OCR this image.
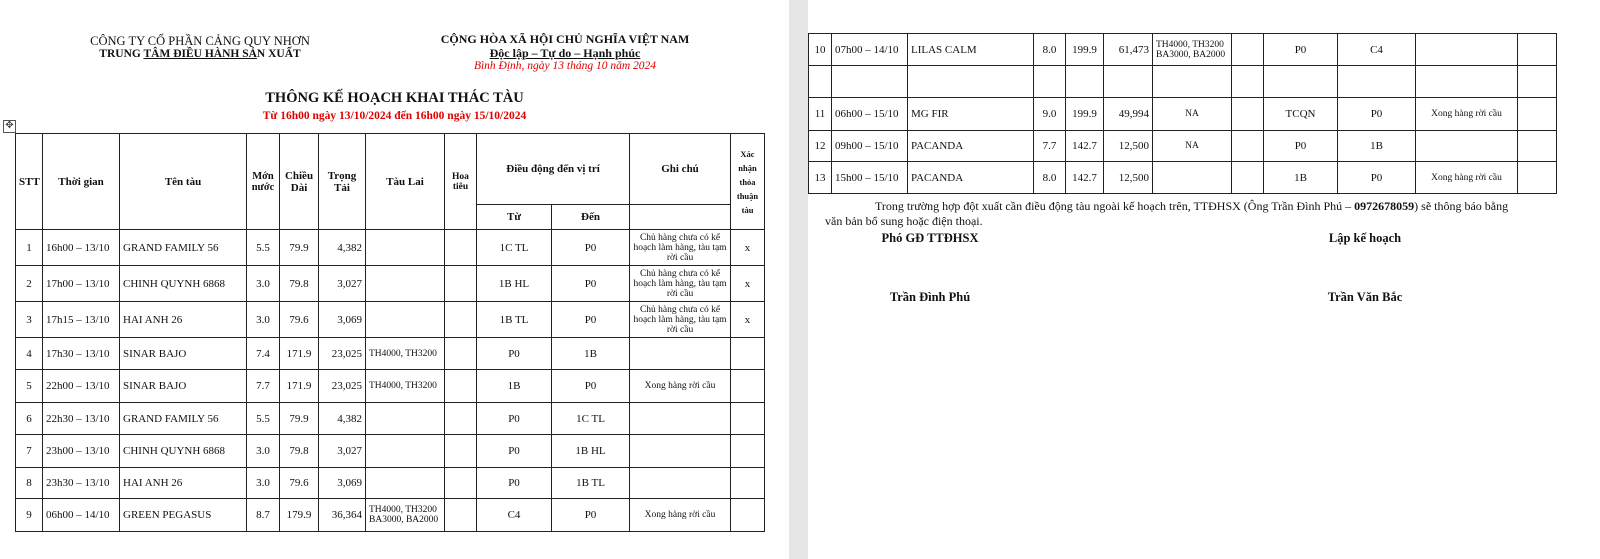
CÔNG TY CỔ PHẦN CẢNG QUY NHƠN
TRUNG TÂM ĐIỀU HÀNH SẢN XUẤT
CỘNG HÒA XÃ HỘI CHỦ NGHĨA VIỆT NAM
Độc lập – Tự do – Hạnh phúc
Bình Định, ngày 13 tháng 10 năm 2024
THÔNG KẾ HOẠCH KHAI THÁC TÀU
Từ 16h00 ngày 13/10/2024 đến 16h00 ngày 15/10/2024
✥
STT	Thời gian	Tên tàu	Mớn nước	Chiều Dài	Trọng Tải	Tàu Lai	Hoa tiêu	Điều động đến vị trí		Ghi chú	Xác nhận thỏa thuận tàu
								Từ	Đến		
1	16h00 – 13/10	GRAND FAMILY 56	5.5	79.9	4,382			1C TL	P0	Chủ hàng chưa có kế hoạch làm hàng, tàu tạm rời cầu	x
2	17h00 – 13/10	CHINH QUYNH 6868	3.0	79.8	3,027			1B HL	P0	Chủ hàng chưa có kế hoạch làm hàng, tàu tạm rời cầu	x
3	17h15 – 13/10	HAI ANH 26	3.0	79.6	3,069			1B TL	P0	Chủ hàng chưa có kế hoạch làm hàng, tàu tạm rời cầu	x
4	17h30 – 13/10	SINAR BAJO	7.4	171.9	23,025	TH4000, TH3200		P0	1B		
5	22h00 – 13/10	SINAR BAJO	7.7	171.9	23,025	TH4000, TH3200		1B	P0	Xong hàng rời cầu	
6	22h30 – 13/10	GRAND FAMILY 56	5.5	79.9	4,382			P0	1C TL		
7	23h00 – 13/10	CHINH QUYNH 6868	3.0	79.8	3,027			P0	1B HL		
8	23h30 – 13/10	HAI ANH 26	3.0	79.6	3,069			P0	1B TL		
9	06h00 – 14/10	GREEN PEGASUS	8.7	179.9	36,364	TH4000, TH3200 BA3000, BA2000		C4	P0	Xong hàng rời cầu	
10	07h00 – 14/10	LILAS CALM	8.0	199.9	61,473	TH4000, TH3200 BA3000, BA2000		P0	C4		

11	06h00 – 15/10	MG FIR	9.0	199.9	49,994	NA		TCQN	P0	Xong hàng rời cầu	
12	09h00 – 15/10	PACANDA	7.7	142.7	12,500	NA		P0	1B		
13	15h00 – 15/10	PACANDA	8.0	142.7	12,500			1B	P0	Xong hàng rời cầu	
Trong trường hợp đột xuất cần điều động tàu ngoài kế hoạch trên, TTĐHSX (Ông Trần Đình Phú – 0972678059) sẽ thông báo bằng văn bản bổ sung hoặc điện thoại.
Phó GĐ TTĐHSX	Lập kế hoạch
Trần Đình Phú	Trần Văn Bắc
